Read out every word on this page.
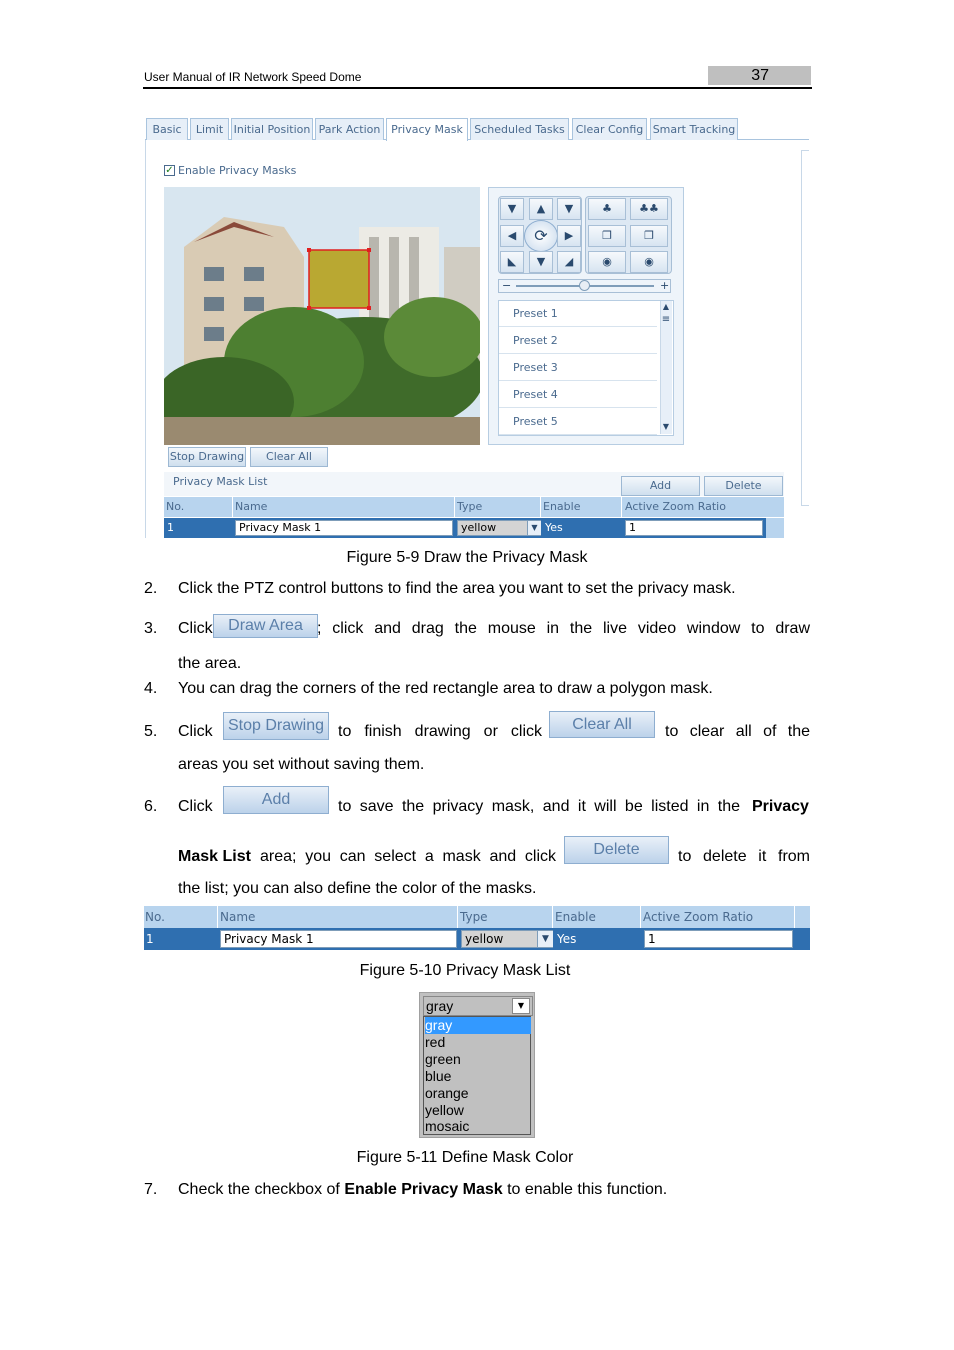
User Manual of IR Network Speed Dome	37
Basic	Limit Initial Position Park Action Privacy Mask	Scheduled Tasks Clear Config Smart Tracking
✓ Enable Privacy Masks
▼	▲	▼
◀	⟳	▶
◣	▼	◢
♣	♣♣
❐	❐
◉	◉
−	+
Preset 1
Preset 2
Preset 3
Preset 4
Preset 5
▲
≡
▼
Stop Drawing	Clear All
Privacy Mask List	Add	Delete
No.	Name	Type	Enable	Active Zoom Ratio
1	Privacy Mask 1	yellow	▼ Yes	1
Figure 5-9 Draw the Privacy Mask
2. Click the PTZ control buttons to find the area you want to set the privacy mask.
3. Click Draw Area ; click and drag the mouse in the live video window to draw
the area.
4. You can drag the corners of the red rectangle area to draw a polygon mask.
5. Click Stop Drawing to finish drawing or click	Clear All	to clear all of the
areas you set without saving them.
6. Click	Add	to save the privacy mask, and it will be listed in the Privacy
Mask List area; you can select a mask and click	Delete	to delete it from
the list; you can also define the color of the masks.
No.	Name	Type	Enable	Active Zoom Ratio
1	Privacy Mask 1	yellow	▼ Yes	1
Figure 5-10 Privacy Mask List
gray	▼
gray
red
green
blue
orange
yellow
mosaic
Figure 5-11 Define Mask Color
7. Check the checkbox of Enable Privacy Mask to enable this function.
